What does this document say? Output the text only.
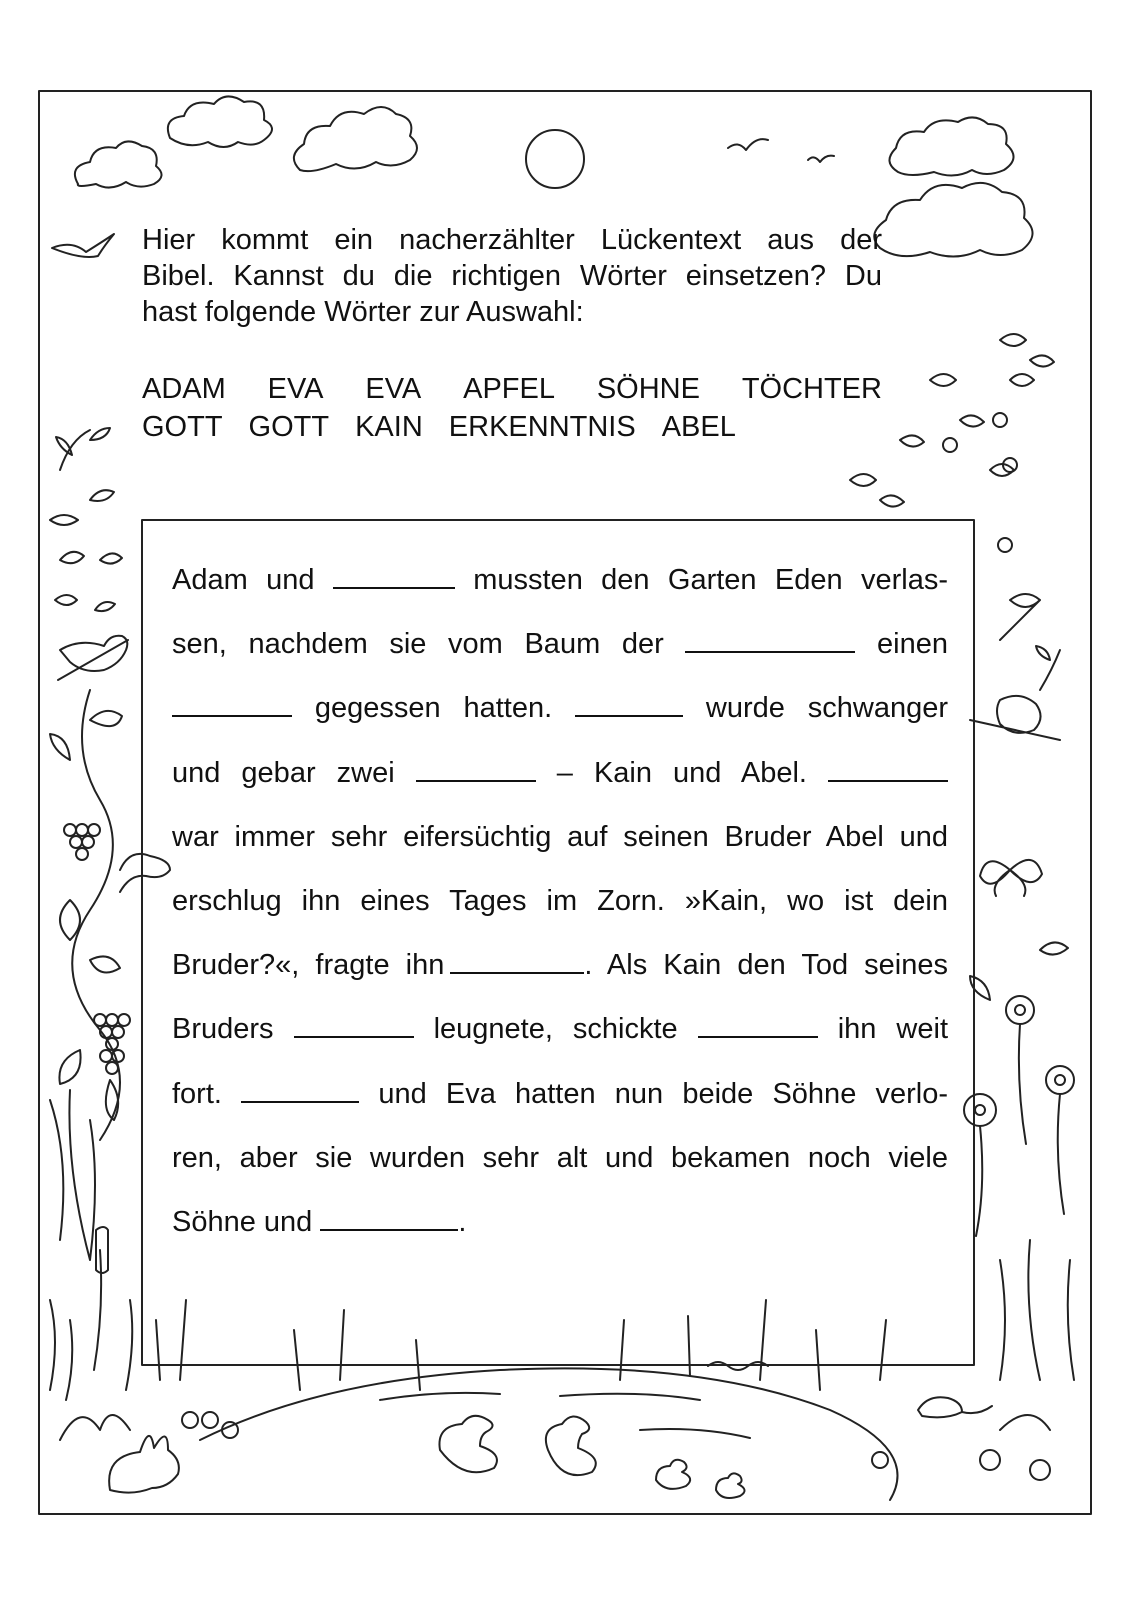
Hier kommt ein nacherzählter Lückentext aus der
Bibel. Kannst du die richtigen Wörter einsetzen? Du
hast folgende Wörter zur Auswahl:
ADAM EVA EVA APFEL SÖHNE TÖCHTER
GOTT GOTT KAIN ERKENNTNIS ABEL
Adam und	mussten den Garten Eden verlas-
sen, nachdem sie vom Baum der	einen
gegessen hatten.	wurde schwanger
und gebar zwei	– Kain und Abel.
war immer sehr eifersüchtig auf seinen Bruder Abel und
erschlug ihn eines Tages im Zorn. »Kain, wo ist dein
Bruder?«, fragte ihn	. Als Kain den Tod seines
Bruders	leugnete, schickte	ihn weit
fort.	und Eva hatten nun beide Söhne verlo-
ren, aber sie wurden sehr alt und bekamen noch viele
Söhne und	.
